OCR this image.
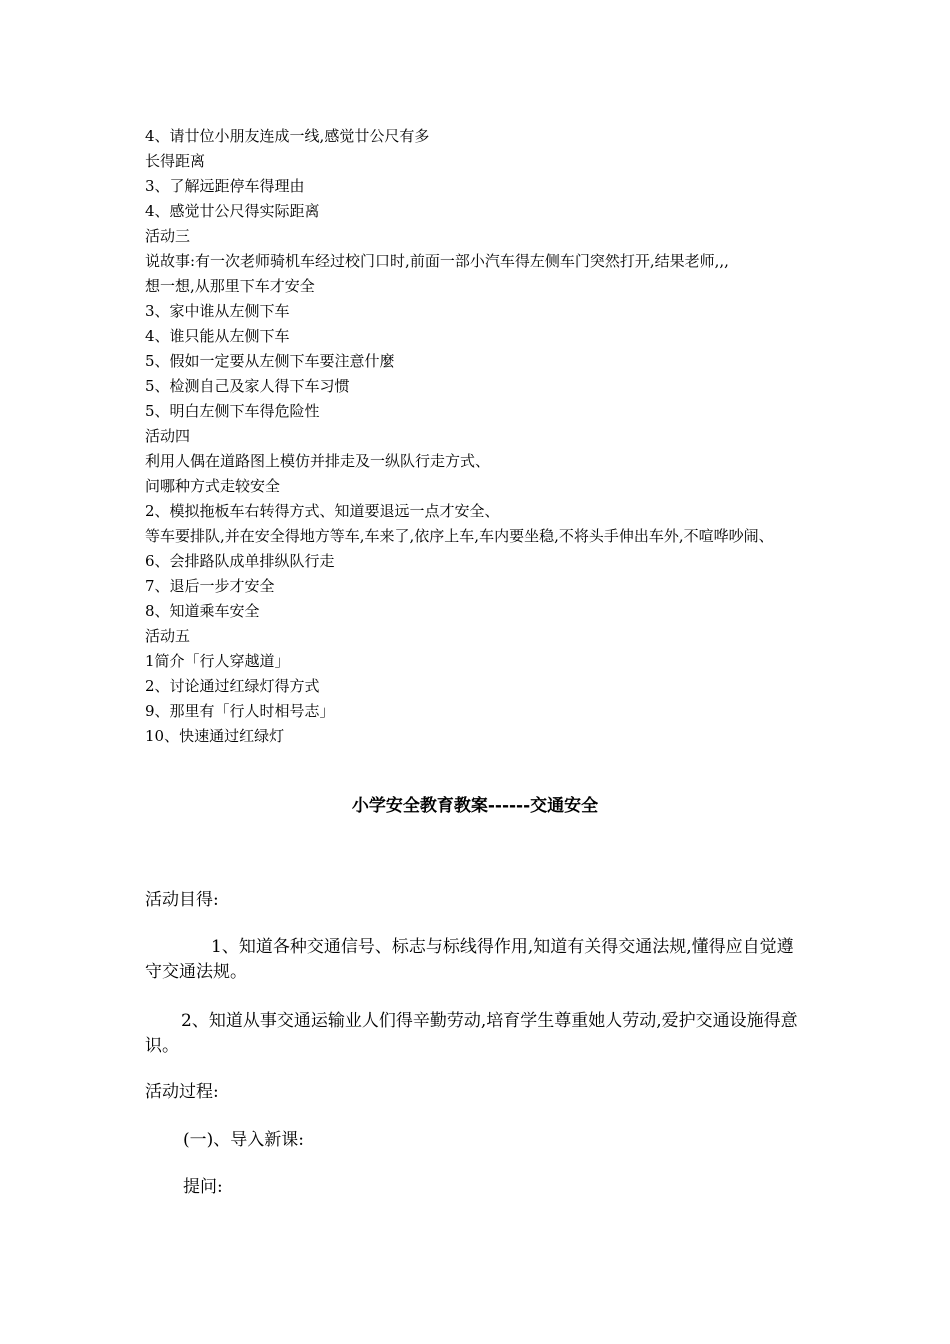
4、请廿位小朋友连成一线,感觉廿公尺有多
长得距离
3、了解远距停车得理由
4、感觉廿公尺得实际距离
活动三
说故事:有一次老师骑机车经过校门口时,前面一部小汽车得左侧车门突然打开,结果老师,,,
想一想,从那里下车才安全
3、家中谁从左侧下车
4、谁只能从左侧下车
5、假如一定要从左侧下车要注意什麼
5、检测自己及家人得下车习惯
5、明白左侧下车得危险性
活动四
利用人偶在道路图上模仿并排走及一纵队行走方式、
问哪种方式走较安全
2、模拟拖板车右转得方式、知道要退远一点才安全、
等车要排队,并在安全得地方等车,车来了,依序上车,车内要坐稳,不将头手伸出车外,不喧哗吵闹、
6、会排路队成单排纵队行走
7、退后一步才安全
8、知道乘车安全
活动五
1简介「行人穿越道」
2、讨论通过红绿灯得方式
9、那里有「行人时相号志」
10、快速通过红绿灯
小学安全教育教案------交通安全
活动目得:
1、知道各种交通信号、标志与标线得作用,知道有关得交通法规,懂得应自觉遵守交通法规。
2、知道从事交通运输业人们得辛勤劳动,培育学生尊重她人劳动,爱护交通设施得意识。
活动过程:
(一)、导入新课:
提问:
